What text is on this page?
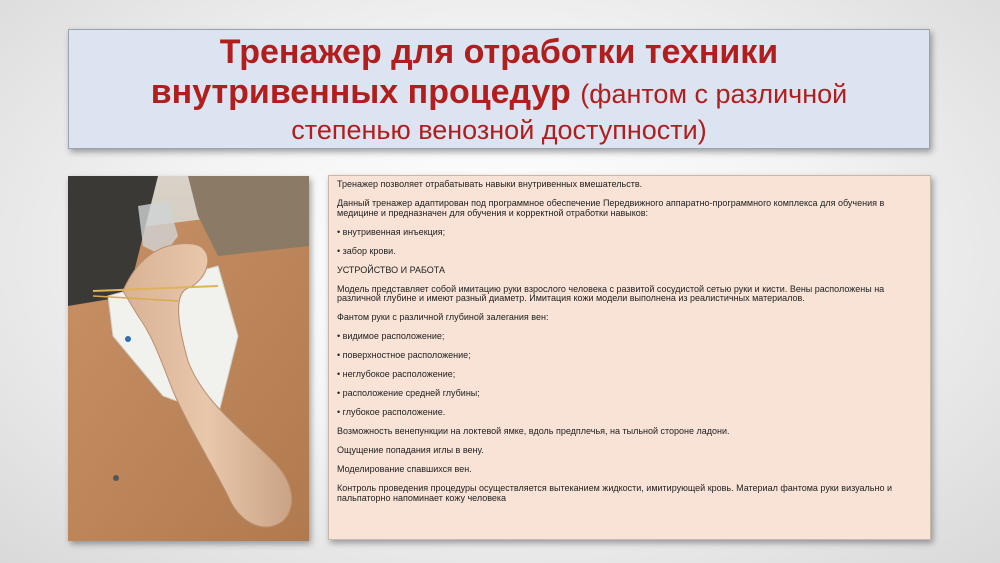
Тренажер для отработки техники
внутривенных процедур (фантом с различной
степенью венозной доступности)

Тренажер позволяет отрабатывать навыки внутривенных вмешательств.

Данный тренажер адаптирован под программное обеспечение Передвижного аппаратно-программного комплекса для обучения в медицине и предназначен для обучения и корректной отработки навыков:

• внутривенная инъекция;

• забор крови.

УСТРОЙСТВО И РАБОТА

Модель представляет собой имитацию руки взрослого человека с развитой сосудистой сетью руки и кисти. Вены расположены на различной глубине и имеют разный диаметр. Имитация кожи модели выполнена из реалистичных материалов.

Фантом руки с различной глубиной залегания вен:

• видимое расположение;

• поверхностное расположение;

• неглубокое расположение;

• расположение средней глубины;

• глубокое расположение.

Возможность венепункции на локтевой ямке, вдоль предплечья, на тыльной стороне ладони.

Ощущение попадания иглы в вену.

Моделирование спавшихся вен.

Контроль проведения процедуры осуществляется вытеканием жидкости, имитирующей кровь. Материал фантома руки визуально и пальпаторно напоминает кожу человека
